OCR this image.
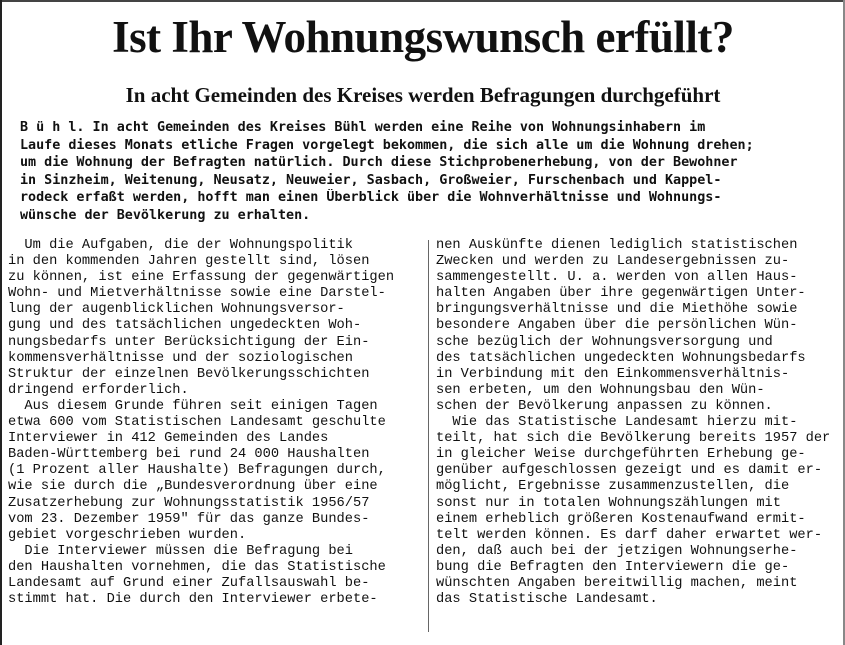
Ist Ihr Wohnungswunsch erfüllt?
In acht Gemeinden des Kreises werden Befragungen durchgeführt
B ü h l. In acht Gemeinden des Kreises Bühl werden eine Reihe von Wohnungsinhabern im
Laufe dieses Monats etliche Fragen vorgelegt bekommen, die sich alle um die Wohnung drehen;
um die Wohnung der Befragten natürlich. Durch diese Stichprobenerhebung, von der Bewohner
in Sinzheim, Weitenung, Neusatz, Neuweier, Sasbach, Großweier, Furschenbach und Kappel-
rodeck erfaßt werden, hofft man einen Überblick über die Wohnverhältnisse und Wohnungs-
wünsche der Bevölkerung zu erhalten.
Um die Aufgaben, die der Wohnungspolitik
in den kommenden Jahren gestellt sind, lösen
zu können, ist eine Erfassung der gegenwärtigen
Wohn- und Mietverhältnisse sowie eine Darstel-
lung der augenblicklichen Wohnungsversor-
gung und des tatsächlichen ungedeckten Woh-
nungsbedarfs unter Berücksichtigung der Ein-
kommensverhältnisse und der soziologischen
Struktur der einzelnen Bevölkerungsschichten
dringend erforderlich.
Aus diesem Grunde führen seit einigen Tagen
etwa 600 vom Statistischen Landesamt geschulte
Interviewer in 412 Gemeinden des Landes
Baden-Württemberg bei rund 24 000 Haushalten
(1 Prozent aller Haushalte) Befragungen durch,
wie sie durch die „Bundesverordnung über eine
Zusatzerhebung zur Wohnungsstatistik 1956/57
vom 23. Dezember 1959" für das ganze Bundes-
gebiet vorgeschrieben wurden.
Die Interviewer müssen die Befragung bei
den Haushalten vornehmen, die das Statistische
Landesamt auf Grund einer Zufallsauswahl be-
stimmt hat. Die durch den Interviewer erbete-
nen Auskünfte dienen lediglich statistischen
Zwecken und werden zu Landesergebnissen zu-
sammengestellt. U. a. werden von allen Haus-
halten Angaben über ihre gegenwärtigen Unter-
bringungsverhältnisse und die Miethöhe sowie
besondere Angaben über die persönlichen Wün-
sche bezüglich der Wohnungsversorgung und
des tatsächlichen ungedeckten Wohnungsbedarfs
in Verbindung mit den Einkommensverhältnis-
sen erbeten, um den Wohnungsbau den Wün-
schen der Bevölkerung anpassen zu können.
Wie das Statistische Landesamt hierzu mit-
teilt, hat sich die Bevölkerung bereits 1957 der
in gleicher Weise durchgeführten Erhebung ge-
genüber aufgeschlossen gezeigt und es damit er-
möglicht, Ergebnisse zusammenzustellen, die
sonst nur in totalen Wohnungszählungen mit
einem erheblich größeren Kostenaufwand ermit-
telt werden können. Es darf daher erwartet wer-
den, daß auch bei der jetzigen Wohnungserhe-
bung die Befragten den Interviewern die ge-
wünschten Angaben bereitwillig machen, meint
das Statistische Landesamt.
